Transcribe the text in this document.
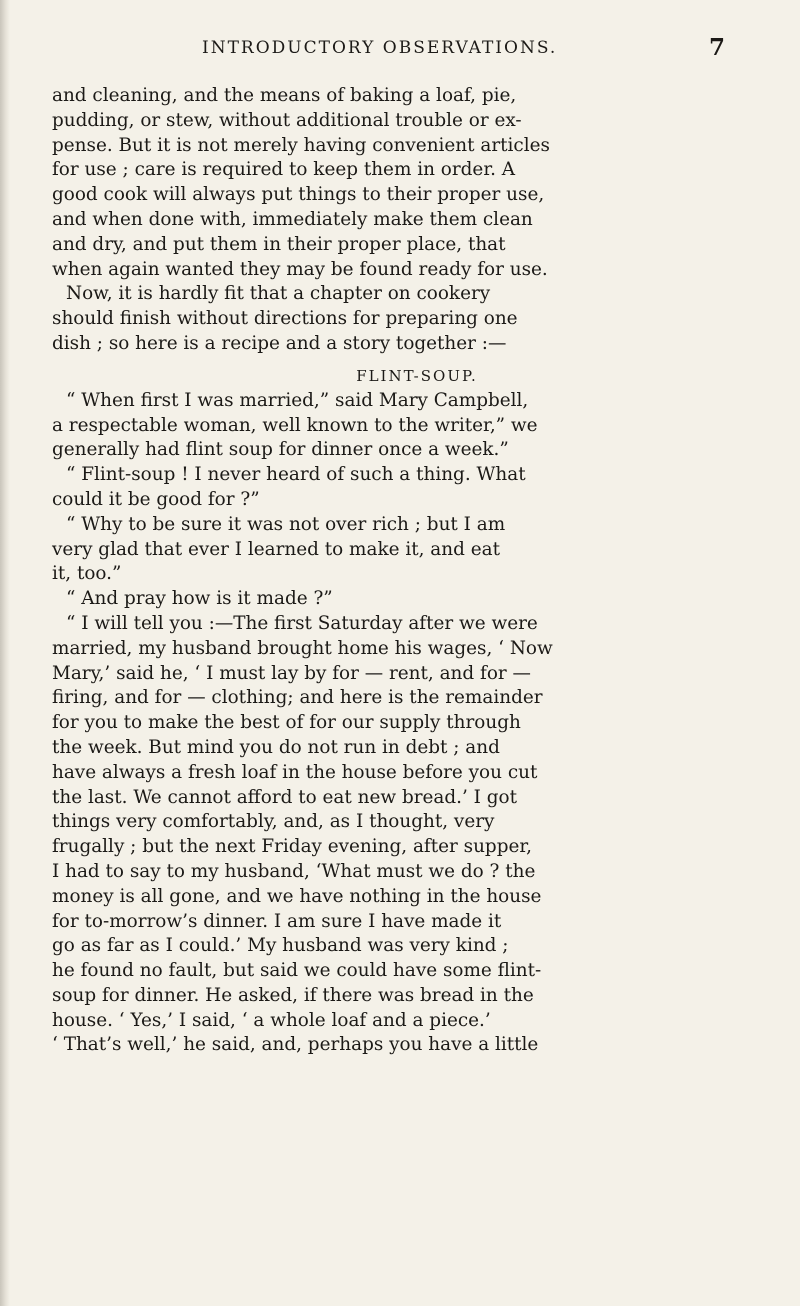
INTRODUCTORY OBSERVATIONS.	7
and cleaning, and the means of baking a loaf, pie,
pudding, or stew, without additional trouble or ex-
pense. But it is not merely having convenient articles
for use ; care is required to keep them in order. A
good cook will always put things to their proper use,
and when done with, immediately make them clean
and dry, and put them in their proper place, that
when again wanted they may be found ready for use.
Now, it is hardly fit that a chapter on cookery
should finish without directions for preparing one
dish ; so here is a recipe and a story together :—
FLINT-SOUP.
“ When first I was married,” said Mary Campbell,
a respectable woman, well known to the writer,” we
generally had flint soup for dinner once a week.”
“ Flint-soup ! I never heard of such a thing. What
could it be good for ?”
“ Why to be sure it was not over rich ; but I am
very glad that ever I learned to make it, and eat
it, too.”
“ And pray how is it made ?”
“ I will tell you :—The first Saturday after we were
married, my husband brought home his wages, ‘ Now
Mary,’ said he, ‘ I must lay by for — rent, and for —
firing, and for — clothing; and here is the remainder
for you to make the best of for our supply through
the week. But mind you do not run in debt ; and
have always a fresh loaf in the house before you cut
the last. We cannot afford to eat new bread.’ I got
things very comfortably, and, as I thought, very
frugally ; but the next Friday evening, after supper,
I had to say to my husband, ‘What must we do ? the
money is all gone, and we have nothing in the house
for to-morrow’s dinner. I am sure I have made it
go as far as I could.’ My husband was very kind ;
he found no fault, but said we could have some flint-
soup for dinner. He asked, if there was bread in the
house. ‘ Yes,’ I said, ‘ a whole loaf and a piece.’
‘ That’s well,’ he said, and, perhaps you have a little
